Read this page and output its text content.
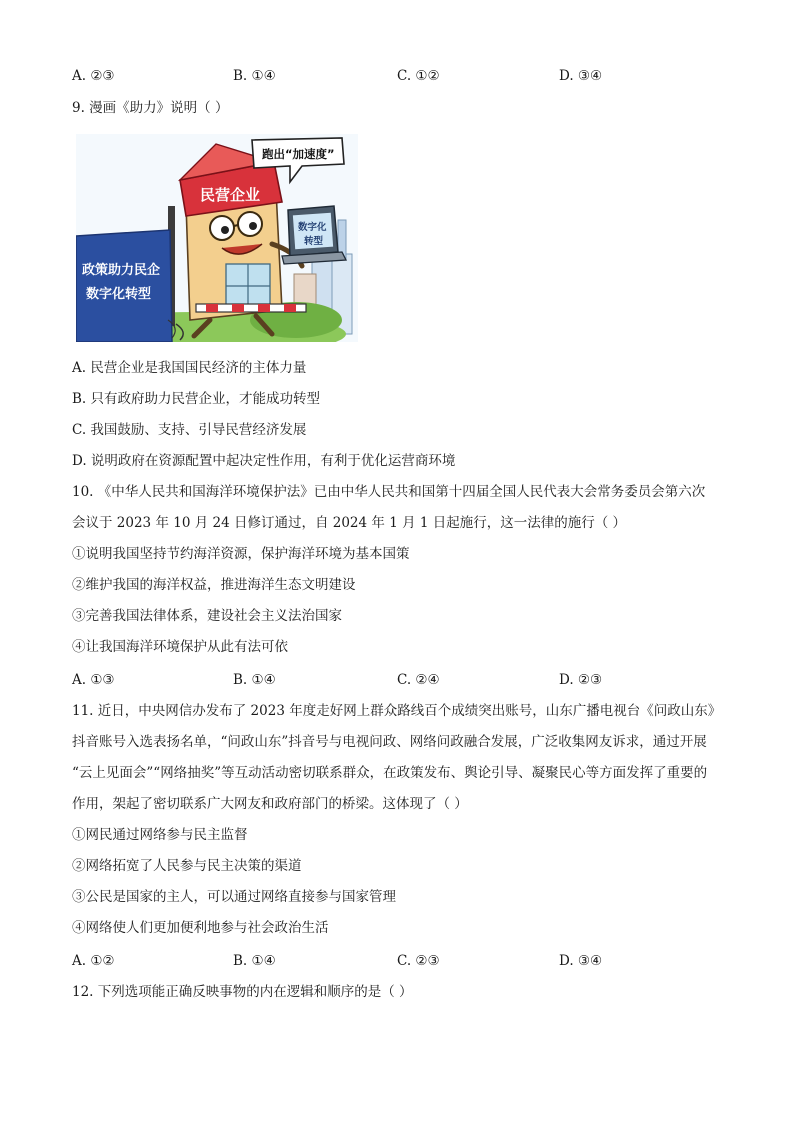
A. ②③	B. ①④	C. ①②	D. ③④
9. 漫画《助力》说明（ ）
政策助力民企
数字化转型
民营企业
数字化
转型
跑出“加速度”
A. 民营企业是我国国民经济的主体力量
B. 只有政府助力民营企业，才能成功转型
C. 我国鼓励、支持、引导民营经济发展
D. 说明政府在资源配置中起决定性作用，有利于优化运营商环境
10. 《中华人民共和国海洋环境保护法》已由中华人民共和国第十四届全国人民代表大会常务委员会第六次
会议于 2023 年 10 月 24 日修订通过，自 2024 年 1 月 1 日起施行，这一法律的施行（ ）
①说明我国坚持节约海洋资源，保护海洋环境为基本国策
②维护我国的海洋权益，推进海洋生态文明建设
③完善我国法律体系，建设社会主义法治国家
④让我国海洋环境保护从此有法可依
A. ①③	B. ①④	C. ②④	D. ②③
11. 近日，中央网信办发布了 2023 年度走好网上群众路线百个成绩突出账号，山东广播电视台《问政山东》
抖音账号入选表扬名单，“问政山东”抖音号与电视问政、网络问政融合发展，广泛收集网友诉求，通过开展
“云上见面会”“网络抽奖”等互动活动密切联系群众，在政策发布、舆论引导、凝聚民心等方面发挥了重要的
作用，架起了密切联系广大网友和政府部门的桥梁。这体现了（ ）
①网民通过网络参与民主监督
②网络拓宽了人民参与民主决策的渠道
③公民是国家的主人，可以通过网络直接参与国家管理
④网络使人们更加便利地参与社会政治生活
A. ①②	B. ①④	C. ②③	D. ③④
12. 下列选项能正确反映事物的内在逻辑和顺序的是（ ）
